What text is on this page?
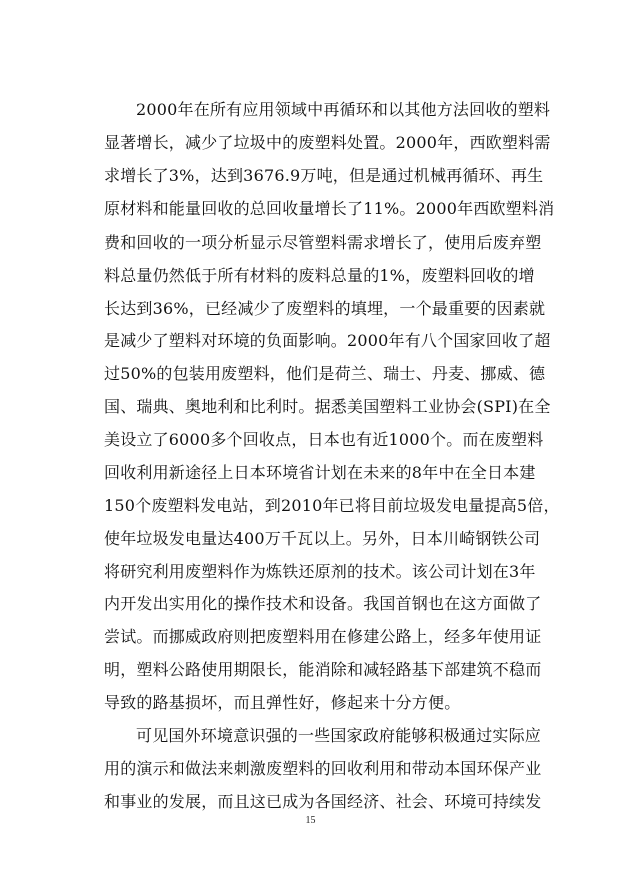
2000年在所有应用领域中再循环和以其他方法回收的塑料
显著增长，减少了垃圾中的废塑料处置。2000年，西欧塑料需
求增长了3%，达到3676.9万吨，但是通过机械再循环、再生
原材料和能量回收的总回收量增长了11%。2000年西欧塑料消
费和回收的一项分析显示尽管塑料需求增长了，使用后废弃塑
料总量仍然低于所有材料的废料总量的1%，废塑料回收的增
长达到36%，已经减少了废塑料的填埋，一个最重要的因素就
是减少了塑料对环境的负面影响。2000年有八个国家回收了超
过50%的包装用废塑料，他们是荷兰、瑞士、丹麦、挪威、德
国、瑞典、奥地利和比利时。据悉美国塑料工业协会(SPI)在全
美设立了6000多个回收点，日本也有近1000个。而在废塑料
回收利用新途径上日本环境省计划在未来的8年中在全日本建
150个废塑料发电站，到2010年已将目前垃圾发电量提高5倍，
使年垃圾发电量达400万千瓦以上。另外，日本川崎钢铁公司
将研究利用废塑料作为炼铁还原剂的技术。该公司计划在3年
内开发出实用化的操作技术和设备。我国首钢也在这方面做了
尝试。而挪威政府则把废塑料用在修建公路上，经多年使用证
明，塑料公路使用期限长，能消除和减轻路基下部建筑不稳而
导致的路基损坏，而且弹性好，修起来十分方便。
可见国外环境意识强的一些国家政府能够积极通过实际应
用的演示和做法来刺激废塑料的回收利用和带动本国环保产业
和事业的发展，而且这已成为各国经济、社会、环境可持续发
15
